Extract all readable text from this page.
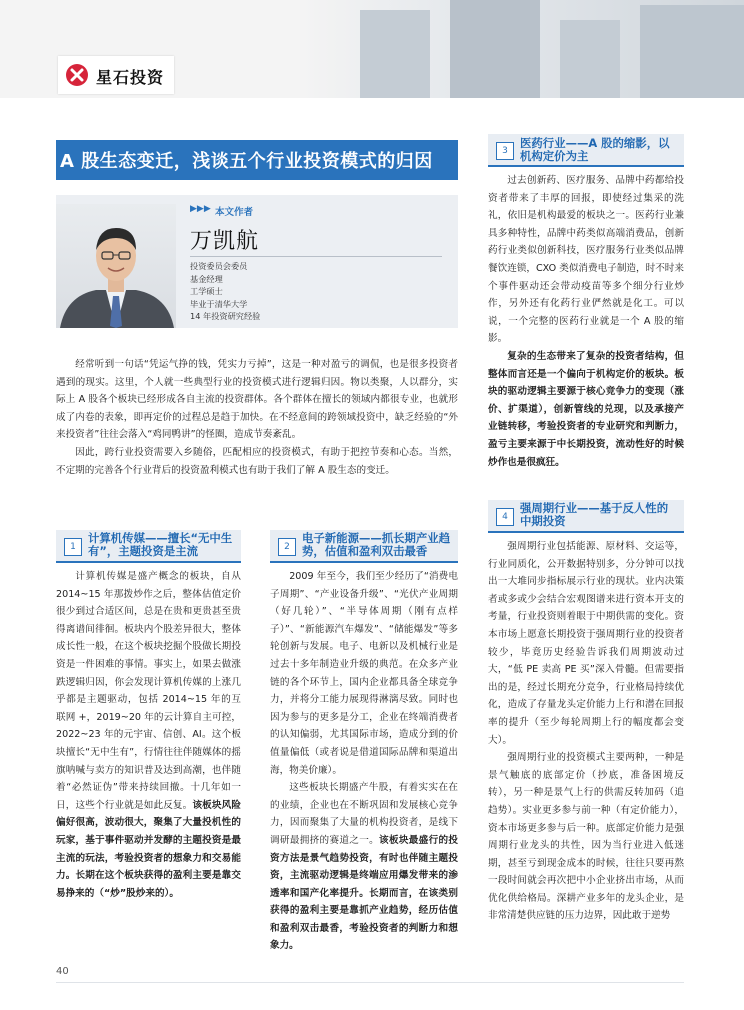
星石投资
A 股生态变迁，浅谈五个行业投资模式的归因
▶▶▶ 本文作者
万凯航
投资委员会委员
基金经理
工学硕士
毕业于清华大学
14 年投资研究经验

经常听到一句话“凭运气挣的钱，凭实力亏掉”，这是一种对盈亏的调侃，也是很多投资者遇到的现实。这里，个人就一些典型行业的投资模式进行逻辑归因。物以类聚，人以群分，实际上 A 股各个板块已经形成各自主流的投资群体。各个群体在擅长的领域内都很专业，也就形成了内卷的表象，即再定价的过程总是趋于加快。在不经意间的跨领域投资中，缺乏经验的“外来投资者”往往会落入“鸡同鸭讲”的怪圈，造成节奏紊乱。

因此，跨行业投资需要入乡随俗，匹配相应的投资模式，有助于把控节奏和心态。当然，不定期的完善各个行业背后的投资盈利模式也有助于我们了解 A 股生态的变迁。

1
计算机传媒——擅长“无中生
有”，主题投资是主流

计算机传媒是盛产概念的板块，自从 2014~15 年那拨炒作之后，整体估值定价很少到过合适区间，总是在贵和更贵甚至贵得离谱间徘徊。板块内个股差异很大，整体成长性一般，在这个板块挖掘个股做长期投资是一件困难的事情。事实上，如果去做涨跌逻辑归因，你会发现计算机传媒的上涨几乎都是主题驱动，包括 2014~15 年的互联网 +，2019~20 年的云计算自主可控，2022~23 年的元宇宙、信创、AI。这个板块擅长“无中生有”，行情往往伴随媒体的摇旗呐喊与卖方的知识普及达到高潮，也伴随着“必然证伪”带来持续回撤。十几年如一日，这些个行业就是如此反复。该板块风险偏好很高，波动很大，聚集了大量投机性的玩家，基于事件驱动并发酵的主题投资是最主流的玩法，考验投资者的想象力和交易能力。长期在这个板块获得的盈利主要是靠交易挣来的（“炒”股炒来的）。

2
电子新能源——抓长期产业趋
势，估值和盈利双击最香

2009 年至今，我们至少经历了“消费电子周期”、“产业设备升级”、“光伏产业周期（好几轮）”、“半导体周期（刚有点样子）”、“新能源汽车爆发”、“储能爆发”等多轮创新与发展。电子、电新以及机械行业是过去十多年制造业升级的典范。在众多产业链的各个环节上，国内企业都具备全球竞争力，并将分工能力展现得淋漓尽致。同时也因为参与的更多是分工，企业在终端消费者的认知偏弱，尤其国际市场，造成分到的价值量偏低（或者说是借道国际品牌和渠道出海，物美价廉）。

这些板块长期盛产牛股，有着实实在在的业绩，企业也在不断巩固和发展核心竞争力，因而聚集了大量的机构投资者，是线下调研最拥挤的赛道之一。该板块最盛行的投资方法是景气趋势投资，有时也伴随主题投资，主流驱动逻辑是终端应用爆发带来的渗透率和国产化率提升。长期而言，在该类别获得的盈利主要是靠抓产业趋势，经历估值和盈利双击最香，考验投资者的判断力和想象力。

3
医药行业——A 股的缩影，以
机构定价为主

过去创新药、医疗服务、品牌中药都给投资者带来了丰厚的回报，即使经过集采的洗礼，依旧是机构最爱的板块之一。医药行业兼具多种特性，品牌中药类似高端消费品，创新药行业类似创新科技，医疗服务行业类似品牌餐饮连锁，CXO 类似消费电子制造，时不时来个事件驱动还会带动疫苗等多个细分行业炒作，另外还有化药行业俨然就是化工。可以说，一个完整的医药行业就是一个 A 股的缩影。

复杂的生态带来了复杂的投资者结构，但整体而言还是一个偏向于机构定价的板块。板块的驱动逻辑主要源于核心竞争力的变现（涨价、扩渠道），创新管线的兑现，以及承接产业链转移，考验投资者的专业研究和判断力，盈亏主要来源于中长期投资，流动性好的时候炒作也是很疯狂。

4
强周期行业——基于反人性的
中期投资

强周期行业包括能源、原材料、交运等，行业同质化，公开数据特别多，分分钟可以找出一大堆同步指标展示行业的现状。业内决策者或多或少会结合宏观图谱来进行资本开支的考量，行业投资则着眼于中期供需的变化。资本市场上愿意长期投资于强周期行业的投资者较少，毕竟历史经验告诉我们周期波动过大，“低 PE 卖高 PE 买”深入骨髓。但需要指出的是，经过长期充分竞争，行业格局持续优化，造成了存量龙头定价能力上行和潜在回报率的提升（至少每轮周期上行的幅度都会变大）。

强周期行业的投资模式主要两种，一种是景气触底的底部定价（抄底，准备困境反转），另一种是景气上行的供需反转加码（追趋势）。实业更多参与前一种（有定价能力），资本市场更多参与后一种。底部定价能力是强周期行业龙头的共性，因为当行业进入低迷期，甚至亏到现金成本的时候，往往只要再熬一段时间就会再次把中小企业挤出市场，从而优化供给格局。深耕产业多年的龙头企业，是非常清楚供应链的压力边界，因此敢于逆势

40
